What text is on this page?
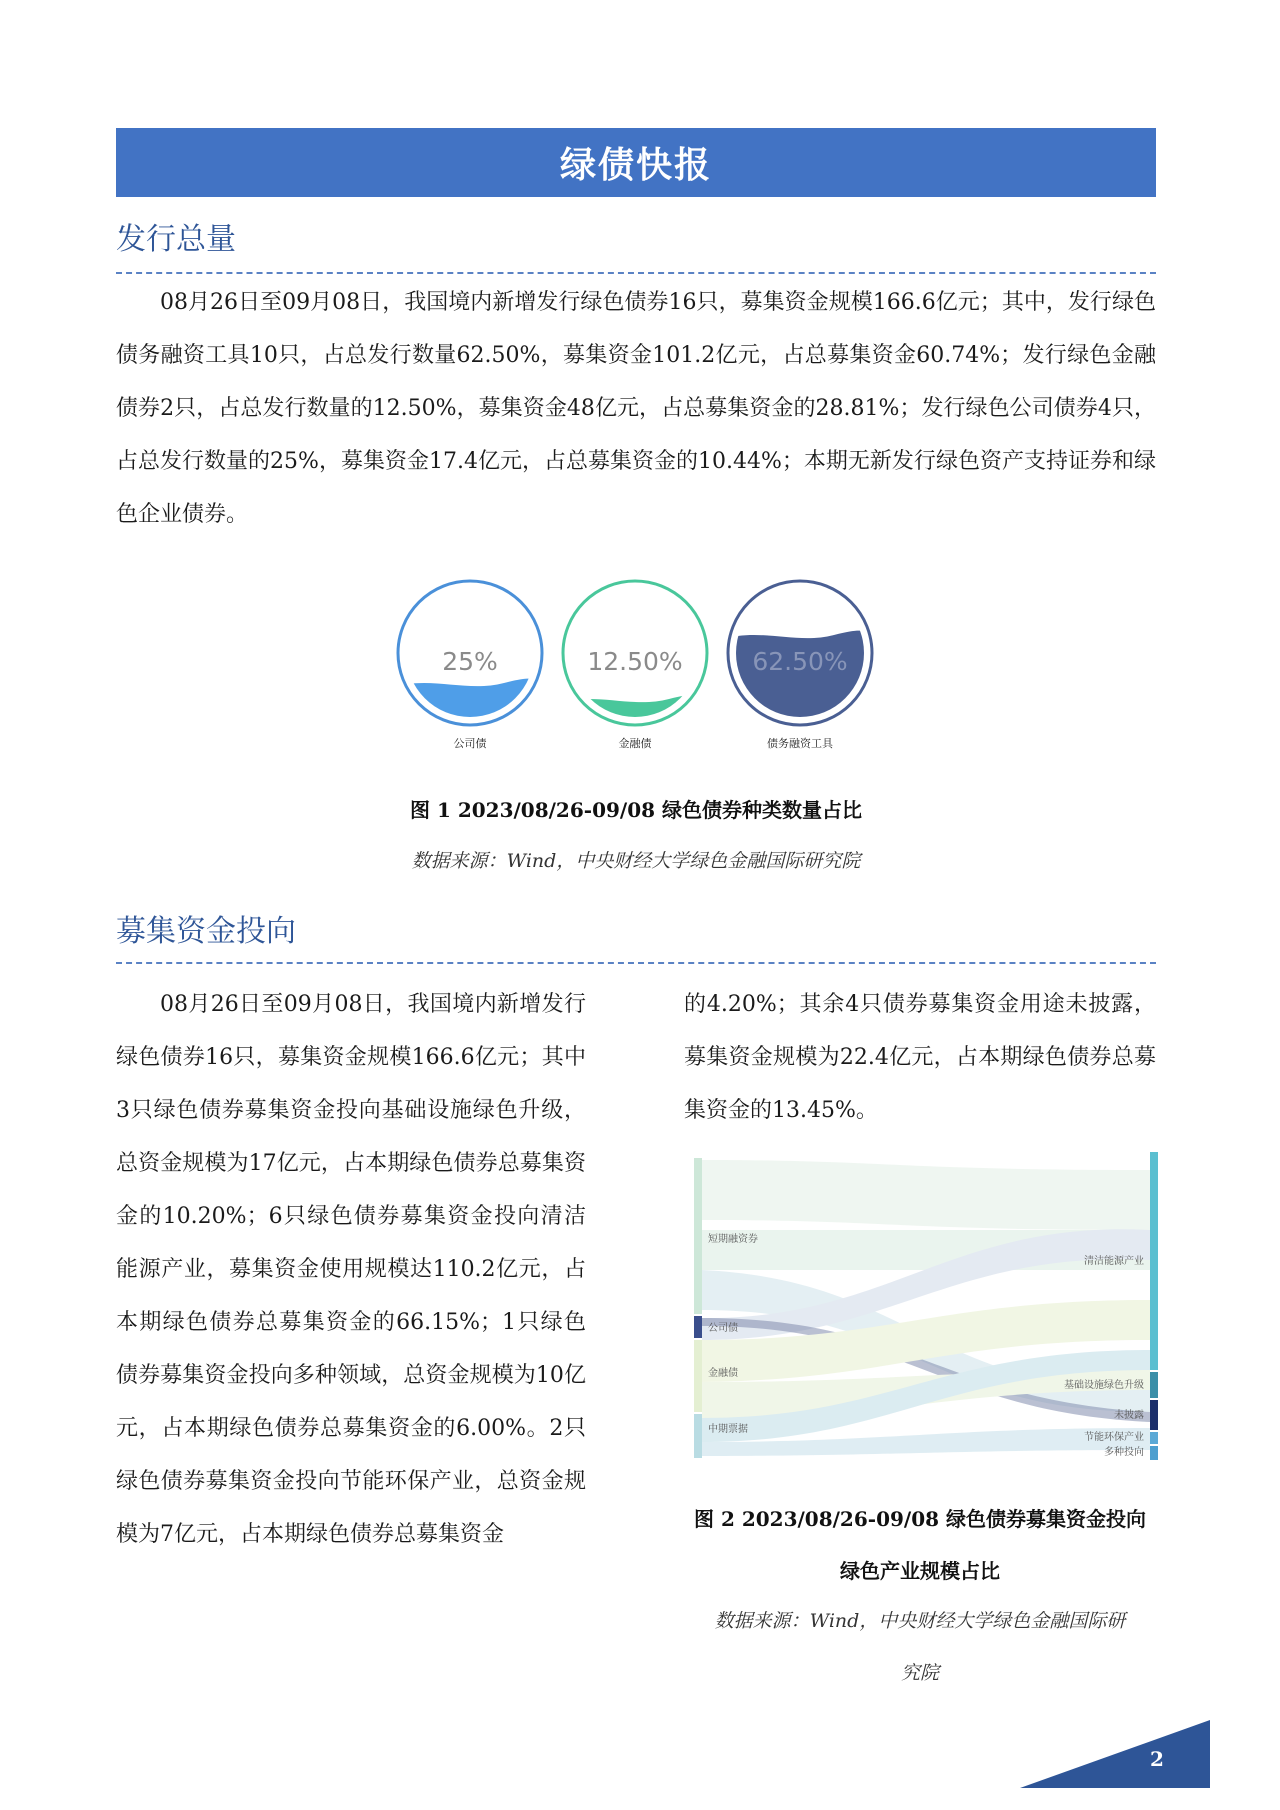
绿债快报
发行总量
08月26日至09月08日，我国境内新增发行绿色债券16只，募集资金规模166.6亿元；其中，发行绿色债务融资工具10只，占总发行数量62.50%，募集资金101.2亿元，占总募集资金60.74%；发行绿色金融债券2只，占总发行数量的12.50%，募集资金48亿元，占总募集资金的28.81%；发行绿色公司债券4只，占总发行数量的25%，募集资金17.4亿元，占总募集资金的10.44%；本期无新发行绿色资产支持证券和绿色企业债券。
25%
公司债
12.50%
金融债
62.50%
债务融资工具
图 1 2023/08/26-09/08 绿色债券种类数量占比
数据来源：Wind，中央财经大学绿色金融国际研究院
募集资金投向
08月26日至09月08日，我国境内新增发行绿色债券16只，募集资金规模166.6亿元；其中3只绿色债券募集资金投向基础设施绿色升级，总资金规模为17亿元，占本期绿色债券总募集资金的10.20%；6只绿色债券募集资金投向清洁能源产业，募集资金使用规模达110.2亿元，占本期绿色债券总募集资金的66.15%；1只绿色债券募集资金投向多种领域，总资金规模为10亿元，占本期绿色债券总募集资金的6.00%。2只绿色债券募集资金投向节能环保产业，总资金规模为7亿元，占本期绿色债券总募集资金
的4.20%；其余4只债券募集资金用途未披露，募集资金规模为22.4亿元，占本期绿色债券总募集资金的13.45%。
短期融资券
公司债
金融债
中期票据
清洁能源产业
基础设施绿色升级
未披露
节能环保产业
多种投向
图 2 2023/08/26-09/08 绿色债券募集资金投向
绿色产业规模占比
数据来源：Wind，中央财经大学绿色金融国际研
究院
2
